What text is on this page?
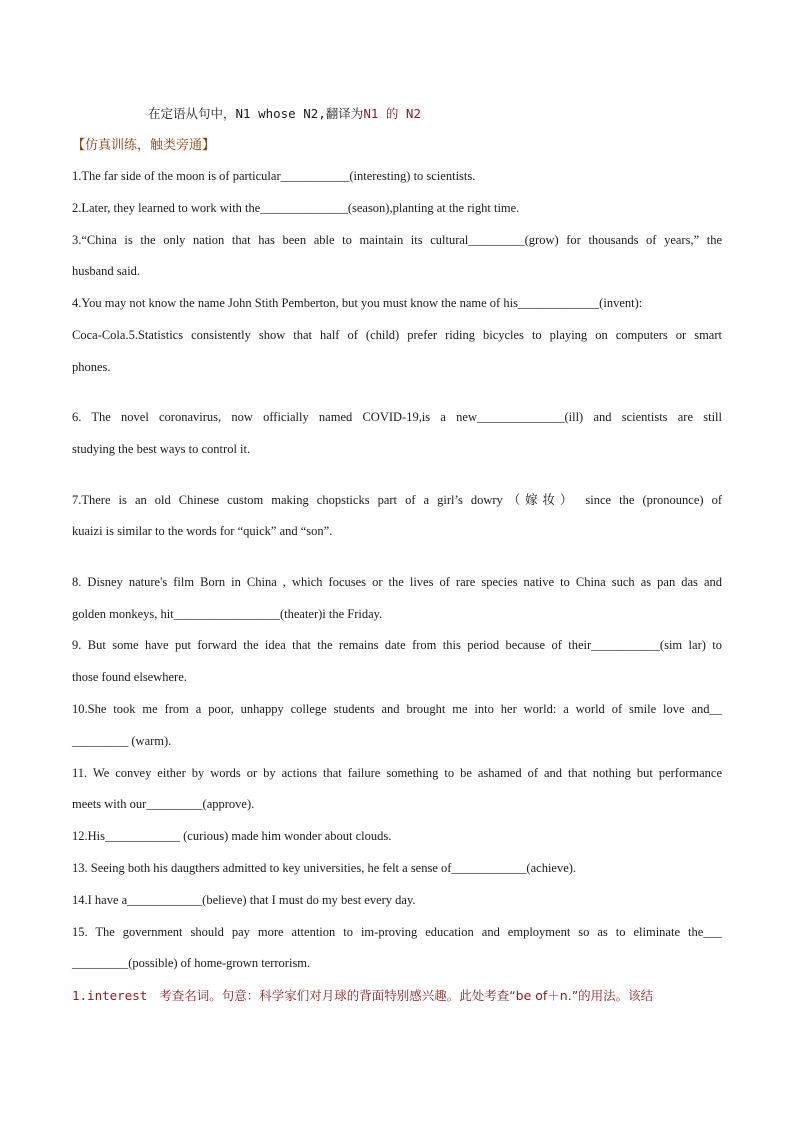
在定语从句中，N1 whose N2,翻译为N1 的 N2
【仿真训练，触类旁通】
1.The far side of the moon is of particular___________(interesting) to scientists.
2.Later, they learned to work with the______________(season),planting at the right time.
3.“China is the only nation that has been able to maintain its cultural_________(grow) for thousands of years,” the
husband said.
4.You may not know the name John Stith Pemberton, but you must know the name of his_____________(invent):
Coca-Cola.5.Statistics consistently show that half of (child) prefer riding bicycles to playing on computers or smart
phones.
6. The novel coronavirus, now officially named COVID-19,is a new______________(ill) and scientists are still
studying the best ways to control it.
7.There is an old Chinese custom making chopsticks part of a girl’s dowry（嫁妆） since the (pronounce) of
kuaizi is similar to the words for “quick” and “son”.
8. Disney nature's film Born in China , which focuses or the lives of rare species native to China such as pan das and
golden monkeys, hit_________________(theater)i the Friday.
9. But some have put forward the idea that the remains date from this period because of their___________(sim lar) to
those found elsewhere.
10.She took me from a poor, unhappy college students and brought me into her world: a world of smile love and__
_________ (warm).
11. We convey either by words or by actions that failure something to be ashamed of and that nothing but performance
meets with our_________(approve).
12.His____________ (curious) made him wonder about clouds.
13. Seeing both his daugthers admitted to key universities, he felt a sense of____________(achieve).
14.I have a____________(believe) that I must do my best every day.
15. The government should pay more attention to im-proving education and employment so as to eliminate the___
_________(possible) of home-grown terrorism.
1.interest 考查名词。句意：科学家们对月球的背面特别感兴趣。此处考查“be of＋n.”的用法。该结
